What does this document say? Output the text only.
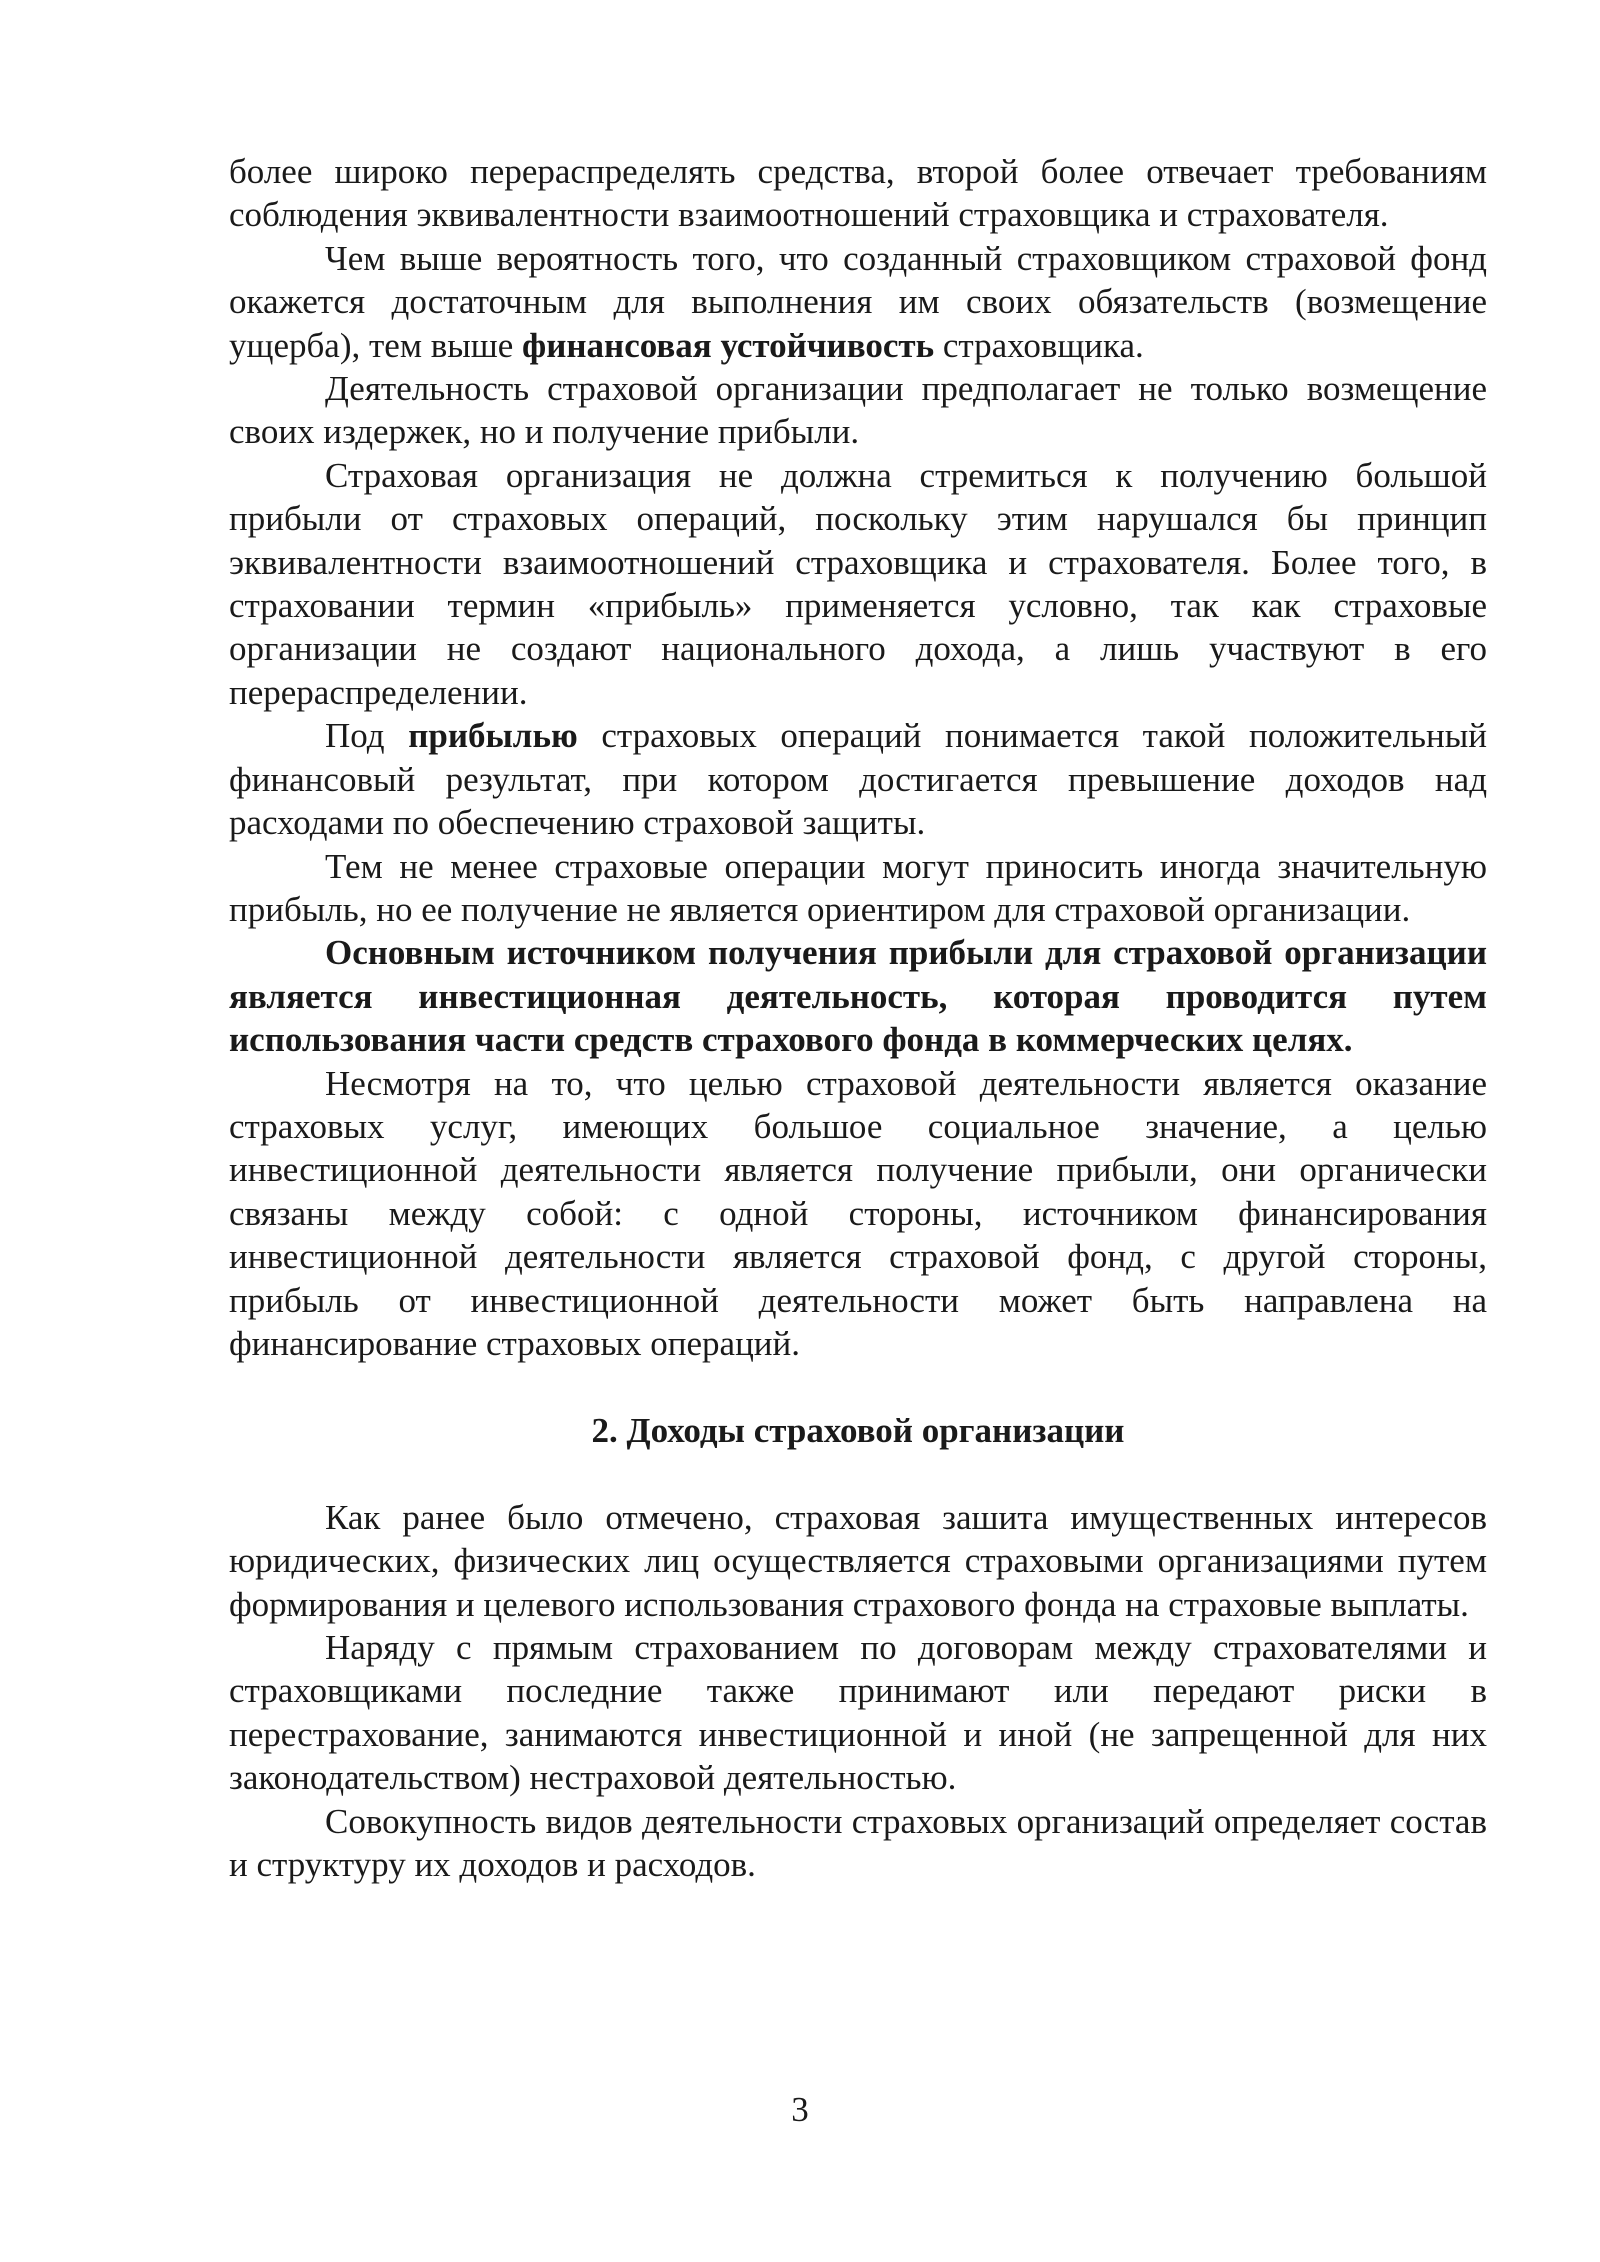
более широко перераспределять средства, второй более отвечает требованиям соблюдения эквивалентности взаимоотношений страховщика и страхователя.

Чем выше вероятность того, что созданный страховщиком страховой фонд окажется достаточным для выполнения им своих обязательств (возмещение ущерба), тем выше финансовая устойчивость страховщика.

Деятельность страховой организации предполагает не только возмещение своих издержек, но и получение прибыли.

Страховая организация не должна стремиться к получению большой прибыли от страховых операций, поскольку этим нарушался бы принцип эквивалентности взаимоотношений страховщика и страхователя. Более того, в страховании термин «прибыль» применяется условно, так как страховые организации не создают национального дохода, а лишь участвуют в его перераспределении.

Под прибылью страховых операций понимается такой положительный финансовый результат, при котором достигается превышение доходов над расходами по обеспечению страховой защиты.

Тем не менее страховые операции могут приносить иногда значительную прибыль, но ее получение не является ориентиром для страховой организации.

Основным источником получения прибыли для страховой организации является инвестиционная деятельность, которая проводится путем использования части средств страхового фонда в коммерческих целях.

Несмотря на то, что целью страховой деятельности является оказание страховых услуг, имеющих большое социальное значение, а целью инвестиционной деятельности является получение прибыли, они органически связаны между собой: с одной стороны, источником финансирования инвестиционной деятельности является страховой фонд, с другой стороны, прибыль от инвестиционной деятельности может быть направлена на финансирование страховых операций.

2. Доходы страховой организации

Как ранее было отмечено, страховая зашита имущественных интересов юридических, физических лиц осуществляется страховыми организациями путем формирования и целевого использования страхового фонда на страховые выплаты.

Наряду с прямым страхованием по договорам между страхователями и страховщиками последние также принимают или передают риски в перестрахование, занимаются инвестиционной и иной (не запрещенной для них законодательством) нестраховой деятельностью.

Совокупность видов деятельности страховых организаций определяет состав и структуру их доходов и расходов.

3
